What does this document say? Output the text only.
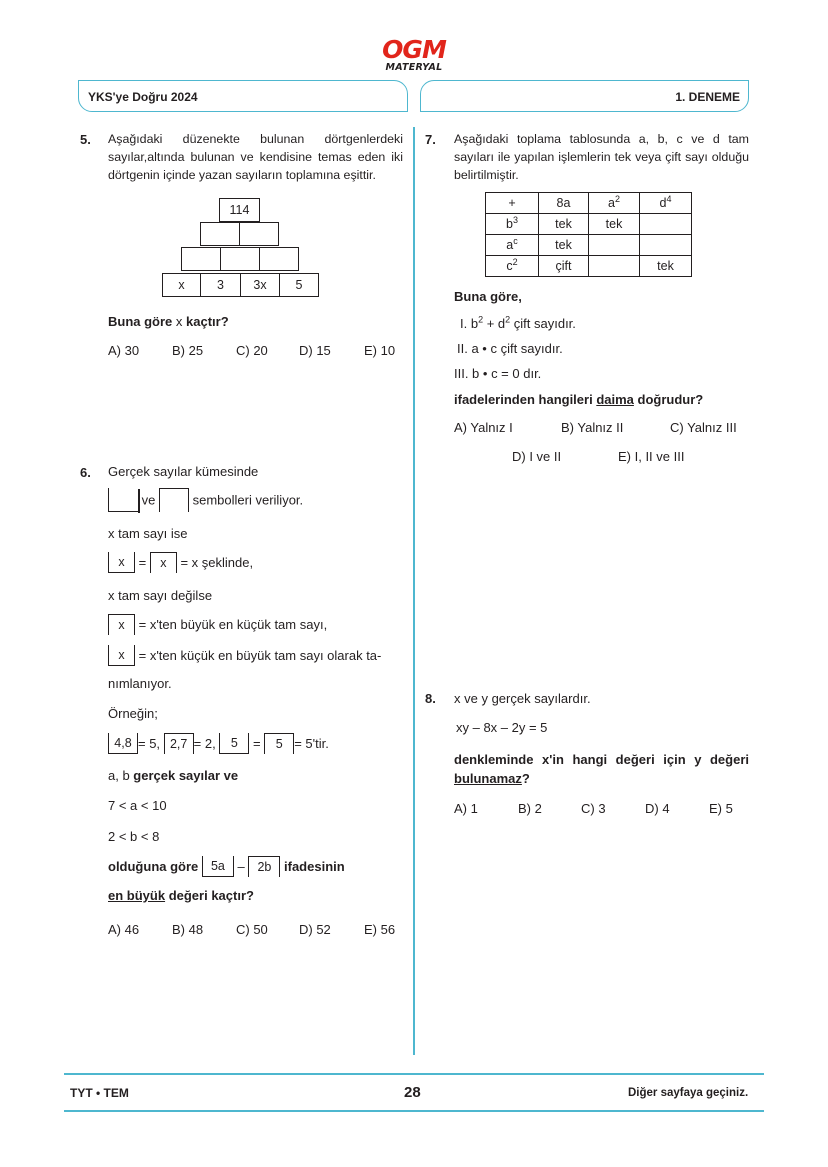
OGM
MATERYAL
YKS'ye Doğru 2024	1. DENEME
5. Aşağıdaki düzenekte bulunan dörtgenlerdeki sayılar,altında bulunan ve kendisine temas eden iki dörtgenin içinde yazan sayıların toplamına eşittir.
114
x	3	3x	5
Buna göre x kaçtır?
A) 30	B) 25	C) 20 D) 15	E) 10
6. Gerçek sayılar kümesinde
ve	sembolleri veriliyor.
x tam sayı ise
x = x = x şeklinde,
x tam sayı değilse
x = x'ten büyük en küçük tam sayı,
x = x'ten küçük en büyük tam sayı olarak ta-
nımlanıyor.
Örneğin;
4,8 = 5, 2,7 = 2, 5 = 5 = 5'tir.
a, b gerçek sayılar ve
7 < a < 10
2 < b < 8
olduğuna göre 5a – 2b ifadesinin
en büyük değeri kaçtır?
A) 46	B) 48	C) 50 D) 52	E) 56
7. Aşağıdaki toplama tablosunda a, b, c ve d tam sayıları ile yapılan işlemlerin tek veya çift sayı olduğu belirtilmiştir.
+	8a	$a^2$	$d^4$
$b^3$	tek	tek	
$a^c$	tek		
$c^2$	çift		tek
Buna göre,
I. $b^2 + d^2$ çift sayıdır.
II. a • c çift sayıdır.
III. b • c = 0 dır.
ifadelerinden hangileri daima doğrudur?
A) Yalnız I	B) Yalnız II	C) Yalnız III
D) I ve II	E) I, II ve III
8. x ve y gerçek sayılardır.
xy – 8x – 2y = 5
denkleminde x'in hangi değeri için y değeri
bulunamaz?
A) 1	B) 2	C) 3	D) 4	E) 5
TYT • TEM	28	Diğer sayfaya geçiniz.
